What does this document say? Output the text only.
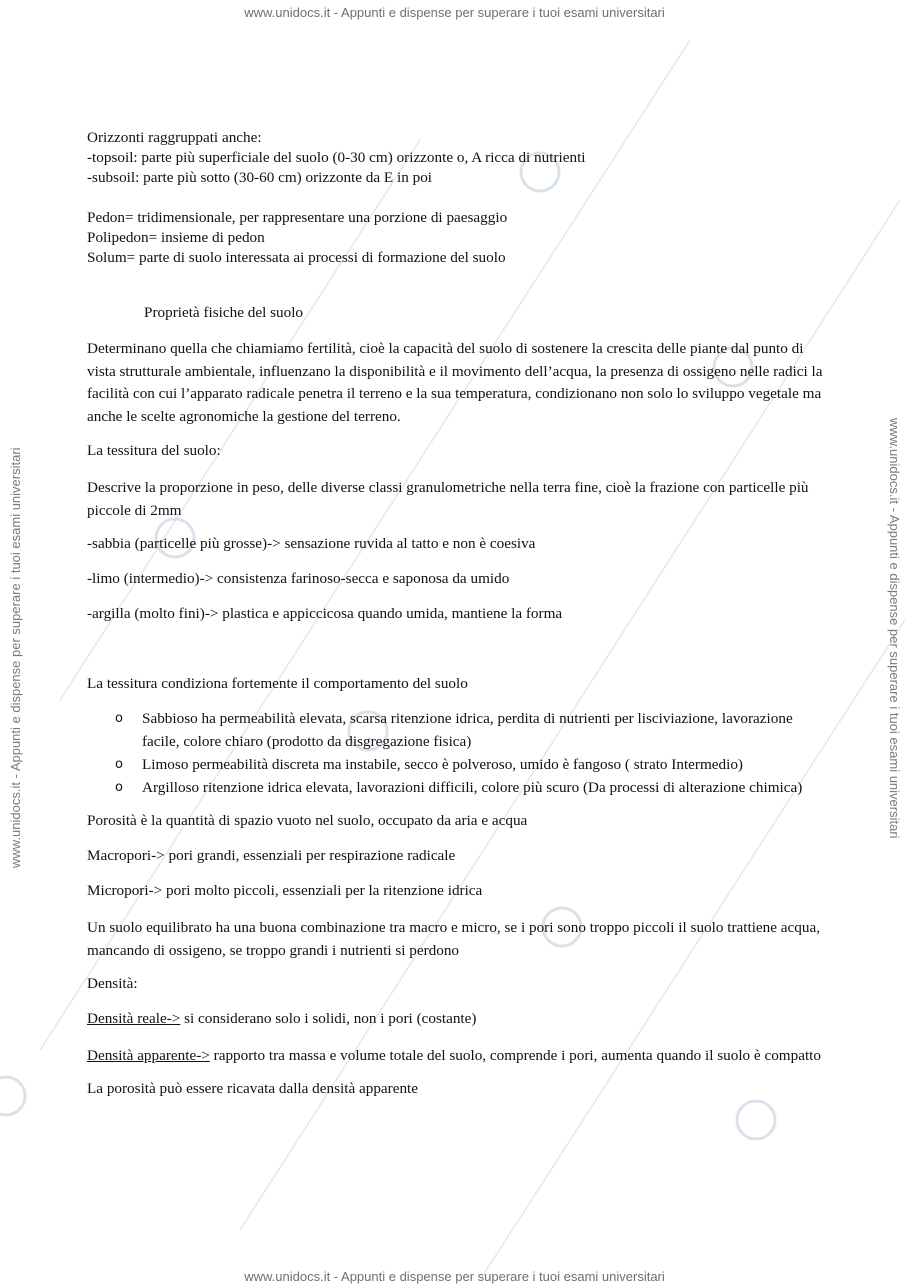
www.unidocs.it - Appunti e dispense per superare i tuoi esami universitari
www.unidocs.it - Appunti e dispense per superare i tuoi esami universitari
www.unidocs.it - Appunti e dispense per superare i tuoi esami universitari	www.unidocs.it - Appunti e dispense per superare i tuoi esami universitari

Orizzonti raggruppati anche:

-topsoil: parte più superficiale del suolo (0-30 cm) orizzonte o, A ricca di nutrienti

-subsoil: parte più sotto (30-60 cm) orizzonte da E in poi

Pedon= tridimensionale, per rappresentare una porzione di paesaggio

Polipedon= insieme di pedon

Solum= parte di suolo interessata ai processi di formazione del suolo

Proprietà fisiche del suolo

Determinano quella che chiamiamo fertilità, cioè la capacità del suolo di sostenere la crescita delle piante dal punto di vista strutturale ambientale, influenzano la disponibilità e il movimento dell’acqua, la presenza di ossigeno nelle radici la facilità con cui l’apparato radicale penetra il terreno e la sua temperatura, condizionano non solo lo sviluppo vegetale ma anche le scelte agronomiche la gestione del terreno.

La tessitura del suolo:

Descrive la proporzione in peso, delle diverse classi granulometriche nella terra fine, cioè la frazione con particelle più piccole di 2mm

-sabbia (particelle più grosse)-> sensazione ruvida al tatto e non è coesiva

-limo (intermedio)-> consistenza farinoso-secca e saponosa da umido

-argilla (molto fini)-> plastica e appiccicosa quando umida, mantiene la forma

La tessitura condiziona fortemente il comportamento del suolo

o Sabbioso ha permeabilità elevata, scarsa ritenzione idrica, perdita di nutrienti per lisciviazione, lavorazione facile, colore chiaro (prodotto da disgregazione fisica)
o Limoso permeabilità discreta ma instabile, secco è polveroso, umido è fangoso ( strato Intermedio)
o Argilloso ritenzione idrica elevata, lavorazioni difficili, colore più scuro (Da processi di alterazione chimica)

Porosità è la quantità di spazio vuoto nel suolo, occupato da aria e acqua

Macropori-> pori grandi, essenziali per respirazione radicale

Micropori-> pori molto piccoli, essenziali per la ritenzione idrica

Un suolo equilibrato ha una buona combinazione tra macro e micro, se i pori sono troppo piccoli il suolo trattiene acqua, mancando di ossigeno, se troppo grandi i nutrienti si perdono

Densità:

Densità reale-> si considerano solo i solidi, non i pori (costante)

Densità apparente-> rapporto tra massa e volume totale del suolo, comprende i pori, aumenta quando il suolo è compatto

La porosità può essere ricavata dalla densità apparente
